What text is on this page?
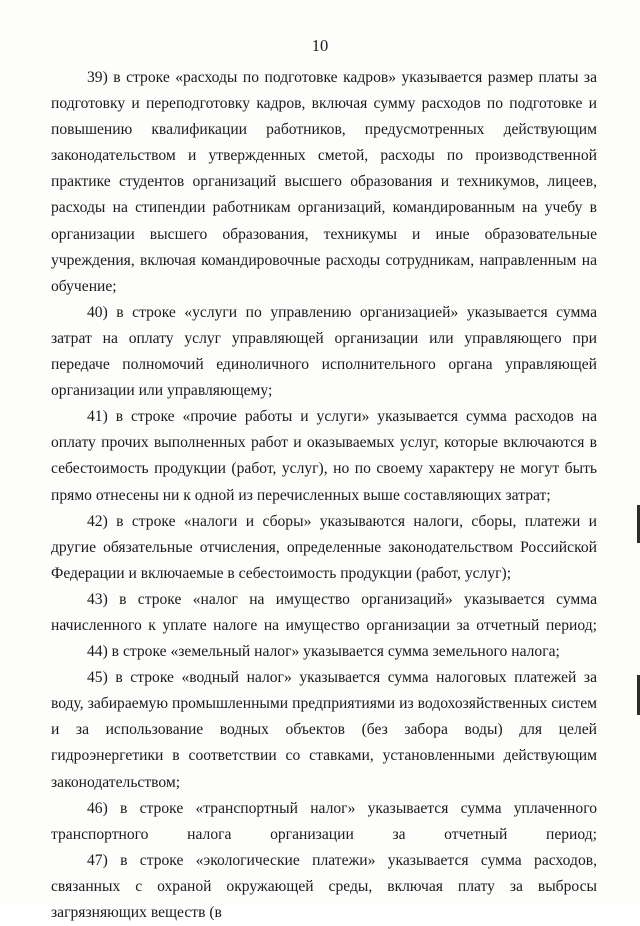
10

39) в строке «расходы по подготовке кадров» указывается размер платы за подготовку и переподготовку кадров, включая сумму расходов по подготовке и повышению квалификации работников, предусмотренных действующим законодательством и утвержденных сметой, расходы по производственной практике студентов организаций высшего образования и техникумов, лицеев, расходы на стипендии работникам организаций, командированным на учебу в организации высшего образования, техникумы и иные образовательные учреждения, включая командировочные расходы сотрудникам, направленным на обучение;

40) в строке «услуги по управлению организацией» указывается сумма затрат на оплату услуг управляющей организации или управляющего при передаче полномочий единоличного исполнительного органа управляющей организации или управляющему;

41) в строке «прочие работы и услуги» указывается сумма расходов на оплату прочих выполненных работ и оказываемых услуг, которые включаются в себестоимость продукции (работ, услуг), но по своему характеру не могут быть прямо отнесены ни к одной из перечисленных выше составляющих затрат;

42) в строке «налоги и сборы» указываются налоги, сборы, платежи и другие обязательные отчисления, определенные законодательством Российской Федерации и включаемые в себестоимость продукции (работ, услуг);

43) в строке «налог на имущество организаций» указывается сумма начисленного к уплате налоге на имущество организации за отчетный период;

44) в строке «земельный налог» указывается сумма земельного налога;

45) в строке «водный налог» указывается сумма налоговых платежей за воду, забираемую промышленными предприятиями из водохозяйственных систем и за использование водных объектов (без забора воды) для целей гидроэнергетики в соответствии со ставками, установленными действующим законодательством;

46) в строке «транспортный налог» указывается сумма уплаченного транспортного налога организации за отчетный период;

47) в строке «экологические платежи» указывается сумма расходов, связанных с охраной окружающей среды, включая плату за выбросы загрязняющих веществ (в
